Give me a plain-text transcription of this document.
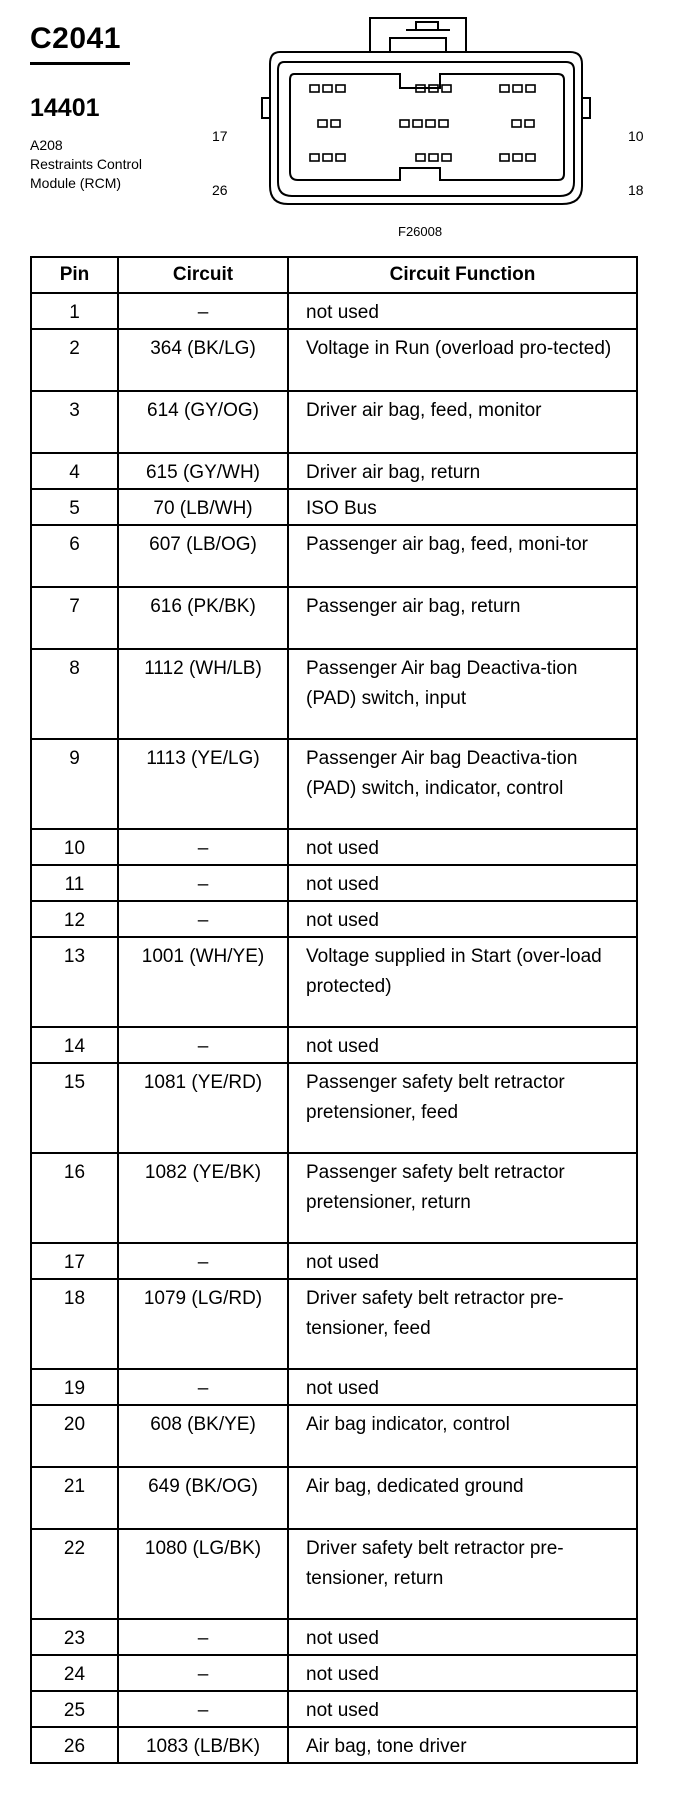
C2041
14401
A208
Restraints Control
Module (RCM)
17
26
10
18
F26008
Pin	Circuit	Circuit Function
1	–	not used
2	364 (BK/LG)	Voltage in Run (overload pro-tected)
3	614 (GY/OG)	Driver air bag, feed, monitor
4	615 (GY/WH)	Driver air bag, return
5	70 (LB/WH)	ISO Bus
6	607 (LB/OG)	Passenger air bag, feed, moni-tor
7	616 (PK/BK)	Passenger air bag, return
8	1112 (WH/LB)	Passenger Air bag Deactiva-tion (PAD) switch, input
9	1113 (YE/LG)	Passenger Air bag Deactiva-tion (PAD) switch, indicator, control
10	–	not used
11	–	not used
12	–	not used
13	1001 (WH/YE)	Voltage supplied in Start (over-load protected)
14	–	not used
15	1081 (YE/RD)	Passenger safety belt retractor pretensioner, feed
16	1082 (YE/BK)	Passenger safety belt retractor pretensioner, return
17	–	not used
18	1079 (LG/RD)	Driver safety belt retractor pre-tensioner, feed
19	–	not used
20	608 (BK/YE)	Air bag indicator, control
21	649 (BK/OG)	Air bag, dedicated ground
22	1080 (LG/BK)	Driver safety belt retractor pre-tensioner, return
23	–	not used
24	–	not used
25	–	not used
26	1083 (LB/BK)	Air bag, tone driver
